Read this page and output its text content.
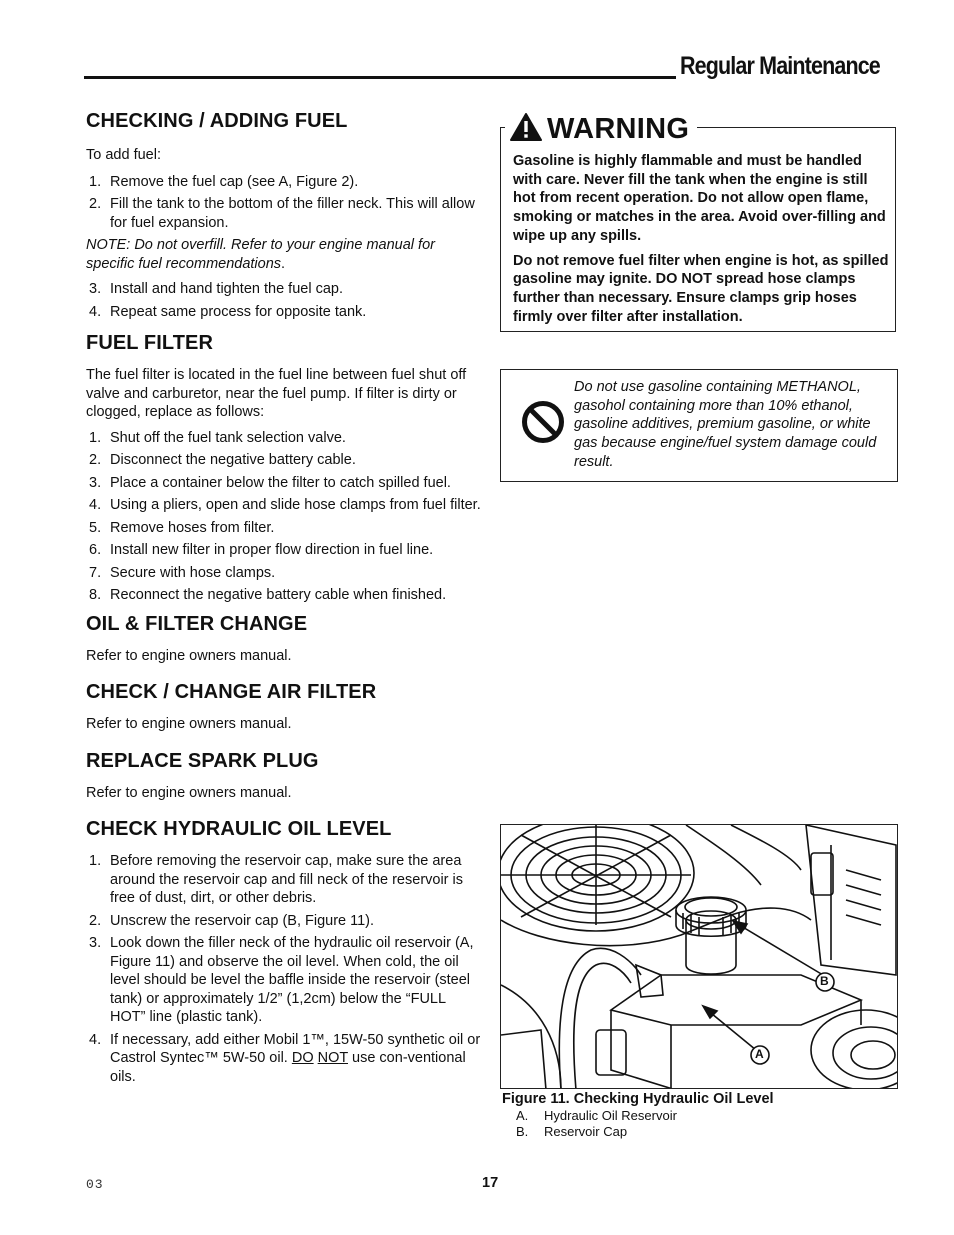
Regular Maintenance
CHECKING / ADDING FUEL

To add fuel:

1. Remove the fuel cap (see A, Figure 2).
2. Fill the tank to the bottom of the filler neck. This will allow for fuel expansion.

NOTE: Do not overfill. Refer to your engine manual for specific fuel recommendations.

3. Install and hand tighten the fuel cap.
4. Repeat same process for opposite tank.
FUEL FILTER

The fuel filter is located in the fuel line between fuel shut off valve and carburetor, near the fuel pump. If filter is dirty or clogged, replace as follows:

1. Shut off the fuel tank selection valve.
2. Disconnect the negative battery cable.
3. Place a container below the filter to catch spilled fuel.
4. Using a pliers, open and slide hose clamps from fuel filter.
5. Remove hoses from filter.
6. Install new filter in proper flow direction in fuel line.
7. Secure with hose clamps.
8. Reconnect the negative battery cable when finished.
OIL & FILTER CHANGE

Refer to engine owners manual.

CHECK / CHANGE AIR FILTER

Refer to engine owners manual.

REPLACE SPARK PLUG

Refer to engine owners manual.

CHECK HYDRAULIC OIL LEVEL
1. Before removing the reservoir cap, make sure the area around the reservoir cap and fill neck of the reservoir is free of dust, dirt, or other debris.
2. Unscrew the reservoir cap (B, Figure 11).
3. Look down the filler neck of the hydraulic oil reservoir (A, Figure 11) and observe the oil level. When cold, the oil level should be level the baffle inside the reservoir (steel tank) or approximately 1/2” (1,2cm) below the “FULL HOT” line (plastic tank).
4. If necessary, add either Mobil 1™, 15W-50 synthetic oil or Castrol Syntec™ 5W-50 oil. DO NOT use con-ventional oils.
WARNING

Gasoline is highly flammable and must be handled with care. Never fill the tank when the engine is still hot from recent operation. Do not allow open flame, smoking or matches in the area. Avoid over-filling and wipe up any spills.

Do not remove fuel filter when engine is hot, as spilled gasoline may ignite. DO NOT spread hose clamps further than necessary. Ensure clamps grip hoses firmly over filter after installation.

Do not use gasoline containing METHANOL, gasohol containing more than 10% ethanol, gasoline additives, premium gasoline, or white gas because engine/fuel system damage could result.
B
A
Figure 11. Checking Hydraulic Oil Level
A.	Hydraulic Oil Reservoir
B.	Reservoir Cap
03	17
